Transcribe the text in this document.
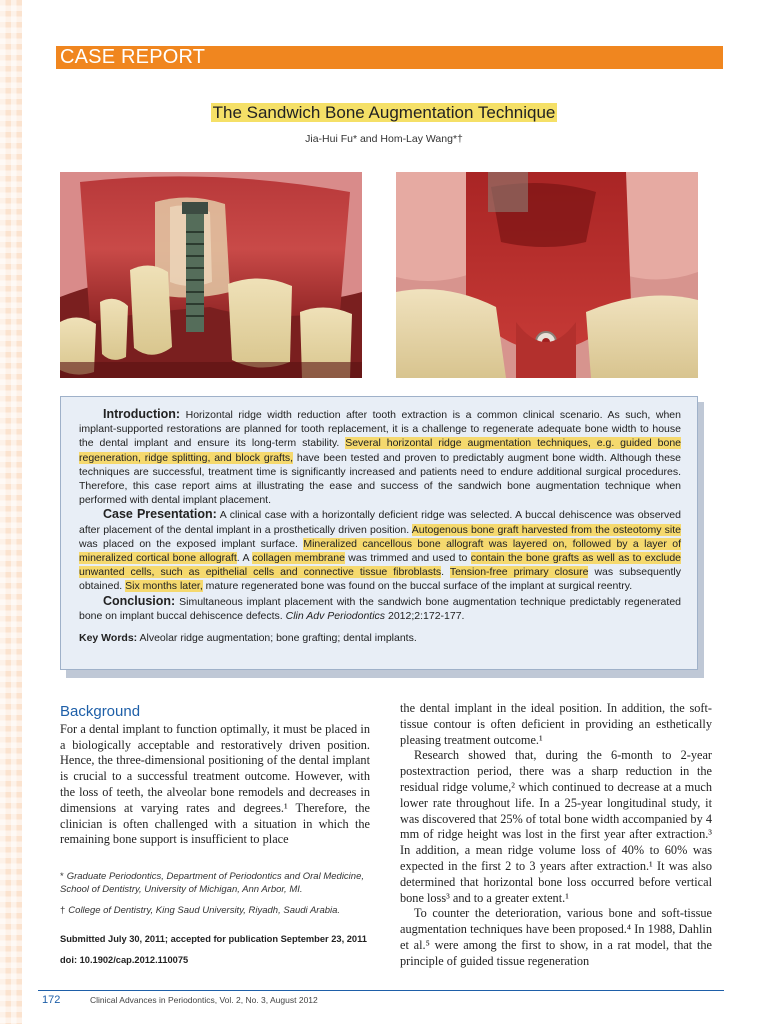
CASE REPORT
The Sandwich Bone Augmentation Technique
Jia-Hui Fu* and Hom-Lay Wang*†

Introduction: Horizontal ridge width reduction after tooth extraction is a common clinical scenario. As such, when implant-supported restorations are planned for tooth replacement, it is a challenge to regenerate adequate bone width to house the dental implant and ensure its long-term stability. Several horizontal ridge augmentation techniques, e.g. guided bone regeneration, ridge splitting, and block grafts, have been tested and proven to predictably augment bone width. Although these techniques are successful, treatment time is significantly increased and patients need to endure additional surgical procedures. Therefore, this case report aims at illustrating the ease and success of the sandwich bone augmentation technique when performed with dental implant placement.

Case Presentation: A clinical case with a horizontally deficient ridge was selected. A buccal dehiscence was observed after placement of the dental implant in a prosthetically driven position. Autogenous bone graft harvested from the osteotomy site was placed on the exposed implant surface. Mineralized cancellous bone allograft was layered on, followed by a layer of mineralized cortical bone allograft. A collagen membrane was trimmed and used to contain the bone grafts as well as to exclude unwanted cells, such as epithelial cells and connective tissue fibroblasts. Tension-free primary closure was subsequently obtained. Six months later, mature regenerated bone was found on the buccal surface of the implant at surgical reentry.

Conclusion: Simultaneous implant placement with the sandwich bone augmentation technique predictably regenerated bone on implant buccal dehiscence defects. Clin Adv Periodontics 2012;2:172-177.

Key Words: Alveolar ridge augmentation; bone grafting; dental implants.

Background

For a dental implant to function optimally, it must be placed in a biologically acceptable and restoratively driven position. Hence, the three-dimensional positioning of the dental implant is crucial to a successful treatment outcome. However, with the loss of teeth, the alveolar bone remodels and decreases in dimensions at varying rates and degrees.¹ Therefore, the clinician is often challenged with a situation in which the remaining bone support is insufficient to place

the dental implant in the ideal position. In addition, the soft-tissue contour is often deficient in providing an esthetically pleasing treatment outcome.¹

Research showed that, during the 6-month to 2-year postextraction period, there was a sharp reduction in the residual ridge volume,² which continued to decrease at a much lower rate throughout life. In a 25-year longitudinal study, it was discovered that 25% of total bone width accompanied by 4 mm of ridge height was lost in the first year after extraction.³ In addition, a mean ridge volume loss of 40% to 60% was expected in the first 2 to 3 years after extraction.¹ It was also determined that horizontal bone loss occurred before vertical bone loss³ and to a greater extent.¹

To counter the deterioration, various bone and soft-tissue augmentation techniques have been proposed.⁴ In 1988, Dahlin et al.⁵ were among the first to show, in a rat model, that the principle of guided tissue regeneration

* Graduate Periodontics, Department of Periodontics and Oral Medicine, School of Dentistry, University of Michigan, Ann Arbor, MI.
† College of Dentistry, King Saud University, Riyadh, Saudi Arabia.
Submitted July 30, 2011; accepted for publication September 23, 2011
doi: 10.1902/cap.2012.110075
172	Clinical Advances in Periodontics, Vol. 2, No. 3, August 2012
